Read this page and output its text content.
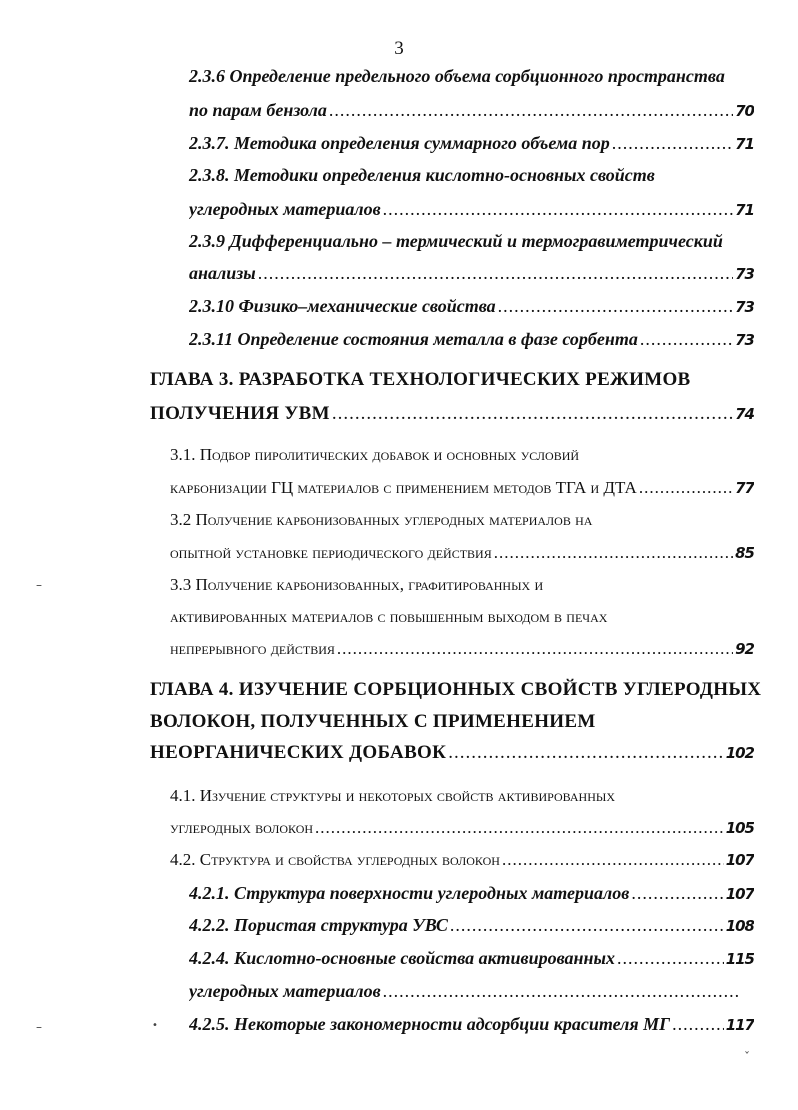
3
2.3.6 Определение предельного объема сорбционного пространства
по парам бензола .....	70
2.3.7. Методика определения суммарного объема пор .....	71
2.3.8. Методики определения кислотно-основных свойств
углеродных материалов .....	71
2.3.9 Дифференциально – термический и термогравиметрический
анализы .....	73
2.3.10 Физико–механические свойства .....	73
2.3.11 Определение состояния металла в фазе сорбента .....	73
ГЛАВА 3. РАЗРАБОТКА ТЕХНОЛОГИЧЕСКИХ РЕЖИМОВ
ПОЛУЧЕНИЯ УВМ .....	74
3.1. Подбор пиролитических добавок и основных условий
карбонизации ГЦ материалов с применением методов ТГА и ДТА .....	77
3.2 Получение карбонизованных углеродных материалов на
опытной установке периодического действия .....	85
3.3 Получение карбонизованных, графитированных и
активированных материалов с повышенным выходом в печах
непрерывного действия .....	92
ГЛАВА 4. ИЗУЧЕНИЕ СОРБЦИОННЫХ СВОЙСТВ УГЛЕРОДНЫХ
ВОЛОКОН, ПОЛУЧЕННЫХ С ПРИМЕНЕНИЕМ
НЕОРГАНИЧЕСКИХ ДОБАВОК .....	102
4.1. Изучение структуры и некоторых свойств активированных
углеродных волокон .....	105
4.2. Структура и свойства углеродных волокон .....	107
4.2.1. Структура поверхности углеродных материалов .....	107
4.2.2. Пористая структура УВС .....	108
4.2.4. Кислотно-основные свойства активированных .....	115
углеродных материалов
.....
4.2.5. Некоторые закономерности адсорбции красителя МГ .....	117
–
–	•
ˇ
